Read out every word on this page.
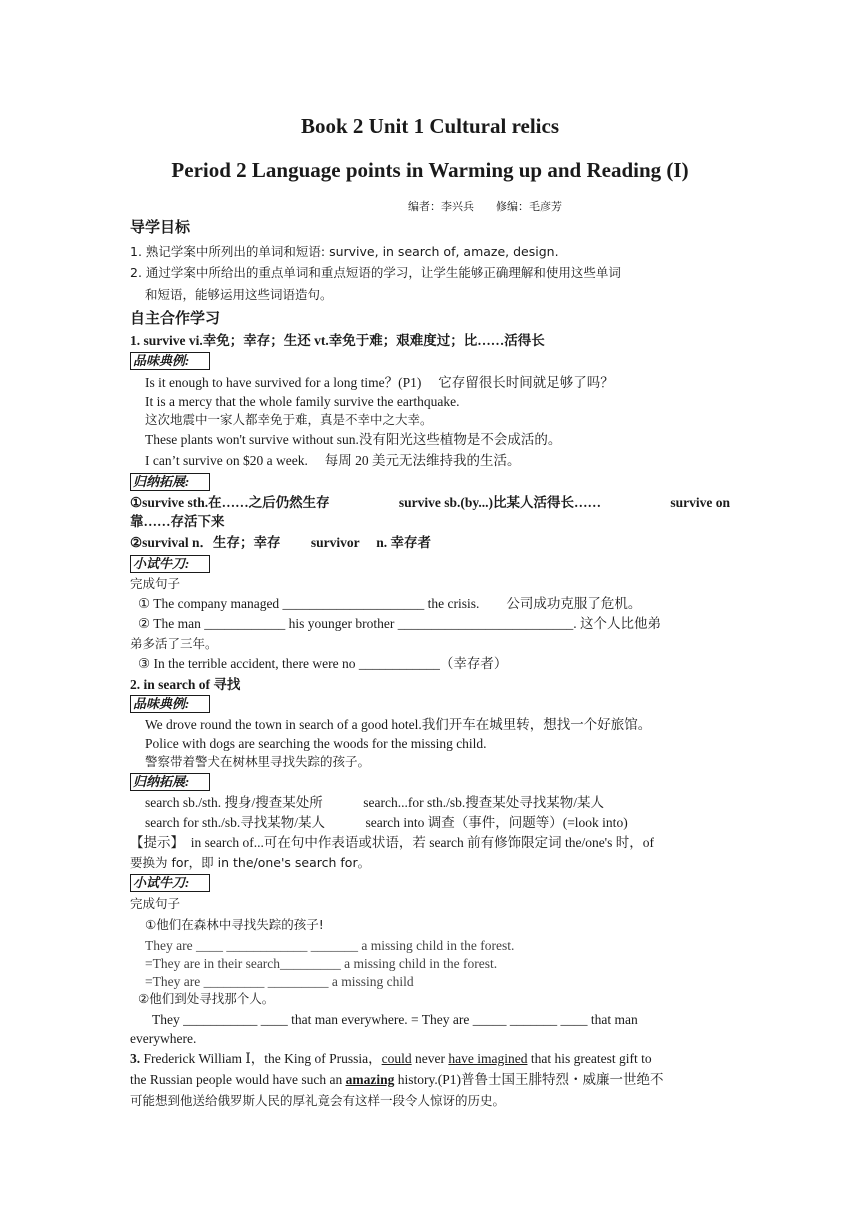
Book 2 Unit 1 Cultural relics
Period 2 Language points in Warming up and Reading (I)
编者：李兴兵　　修编：毛彦芳
导学目标
1. 熟记学案中所列出的单词和短语: survive, in search of, amaze, design.
2. 通过学案中所给出的重点单词和重点短语的学习，让学生能够正确理解和使用这些单词
和短语，能够运用这些词语造句。
自主合作学习
1. survive vi.幸免；幸存；生还 vt.幸免于难；艰难度过；比……活得长
品味典例:
Is it enough to have survived for a long time？(P1)　 它存留很长时间就足够了吗？
It is a mercy that the whole family survive the earthquake.
这次地震中一家人都幸免于难，真是不幸中之大幸。
These plants won't survive without sun.没有阳光这些植物是不会成活的。
I can’t survive on $20 a week.　 每周 20 美元无法维持我的生活。
归纳拓展:
①survive sth.在……之后仍然生存	survive sb.(by...)比某人活得长……	survive on
靠……存活下来
②survival n．生存；幸存　　 survivor　 n. 幸存者
小试牛刀:
完成句子
① The company managed _____________________ the crisis.　　公司成功克服了危机。
② The man ____________ his younger brother __________________________. 这个人比他弟
弟多活了三年。
③ In the terrible accident, there were no ____________（幸存者）
2. in search of 寻找
品味典例:
We drove round the town in search of a good hotel.我们开车在城里转，想找一个好旅馆。
Police with dogs are searching the woods for the missing child.
警察带着警犬在树林里寻找失踪的孩子。
归纳拓展:
search sb./sth. 搜身/搜查某处所　　　search...for sth./sb.搜查某处寻找某物/某人
search for sth./sb.寻找某物/某人　　　search into 调查（事件，问题等）(=look into)
【提示】　in search of...可在句中作表语或状语，若 search 前有修饰限定词 the/one's 时，of
要换为 for，即 in the/one's search for。
小试牛刀:
完成句子
①他们在森林中寻找失踪的孩子!
They are ____ ____________ _______ a missing child in the forest.
=They are in their search_________ a missing child in the forest.
=They are _________ _________ a missing child
②他们到处寻找那个人。
They ___________ ____ that man everywhere. = They are _____ _______ ____ that man
everywhere.
3. Frederick William Ⅰ，the King of Prussia，could never have imagined that his greatest gift to
the Russian people would have such an amazing history.(P1)普鲁士国王腓特烈・威廉一世绝不
可能想到他送给俄罗斯人民的厚礼竟会有这样一段令人惊讶的历史。
